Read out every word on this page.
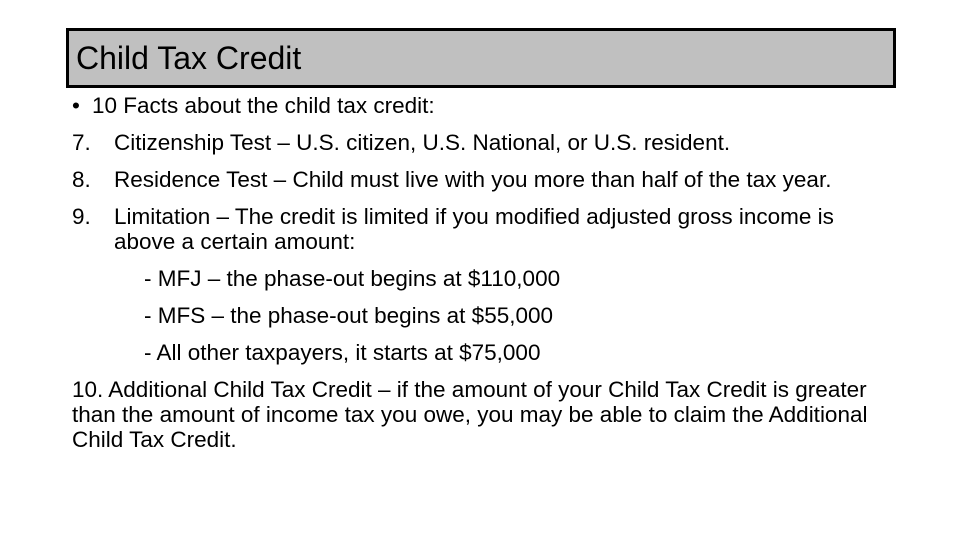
Child Tax Credit
• 10 Facts about the child tax credit:
7.	Citizenship Test – U.S. citizen, U.S. National, or U.S. resident.
8.	Residence Test – Child must live with you more than half of the tax year.
9.	Limitation – The credit is limited if you modified adjusted gross income is above a certain amount:
- MFJ – the phase-out begins at $110,000
- MFS – the phase-out begins at $55,000
- All other taxpayers, it starts at $75,000
10. Additional Child Tax Credit – if the amount of your Child Tax Credit is greater than the amount of income tax you owe, you may be able to claim the Additional Child Tax Credit.
